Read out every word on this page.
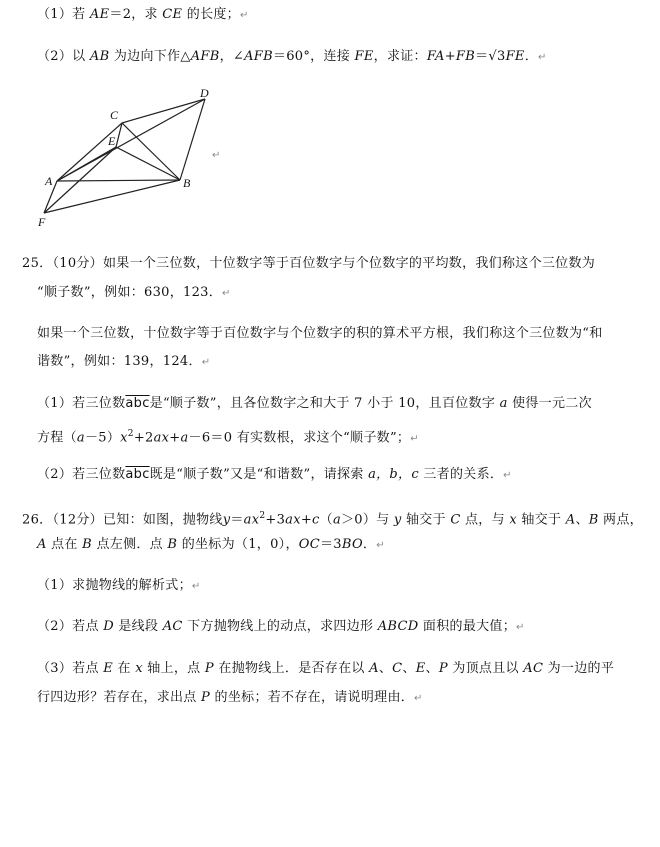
（1）若 AE＝2，求 CE 的长度；↵
（2）以 AB 为边向下作△AFB，∠AFB＝60°，连接 FE，求证：FA+FB＝√3FE．↵
C
D
E
A	B
F
↵
25．（10分）如果一个三位数，十位数字等于百位数字与个位数字的平均数，我们称这个三位数为
“顺子数”，例如：630，123．↵
如果一个三位数，十位数字等于百位数字与个位数字的积的算术平方根，我们称这个三位数为“和
谐数”，例如：139，124．↵
（1）若三位数$\overline{abc}$是“顺子数”，且各位数字之和大于 7 小于 10，且百位数字 a 使得一元二次
方程$(a-5)x^2+2ax+a-6=0$ 有实数根，求这个“顺子数”；↵
（2）若三位数$\overline{abc}$既是“顺子数”又是“和谐数”，请探索 a，b，c 三者的关系．↵
26．（12分）已知：如图，抛物线$y=ax^2+3ax+c(a>0)$与 y 轴交于 C 点，与 x 轴交于 A、B 两点，
A 点在 B 点左侧．点 B 的坐标为（1，0），OC＝3BO．↵
（1）求抛物线的解析式；↵
（2）若点 D 是线段 AC 下方抛物线上的动点，求四边形 ABCD 面积的最大值；↵
（3）若点 E 在 x 轴上，点 P 在抛物线上．是否存在以 A、C、E、P 为顶点且以 AC 为一边的平
行四边形？若存在，求出点 P 的坐标；若不存在，请说明理由．↵
